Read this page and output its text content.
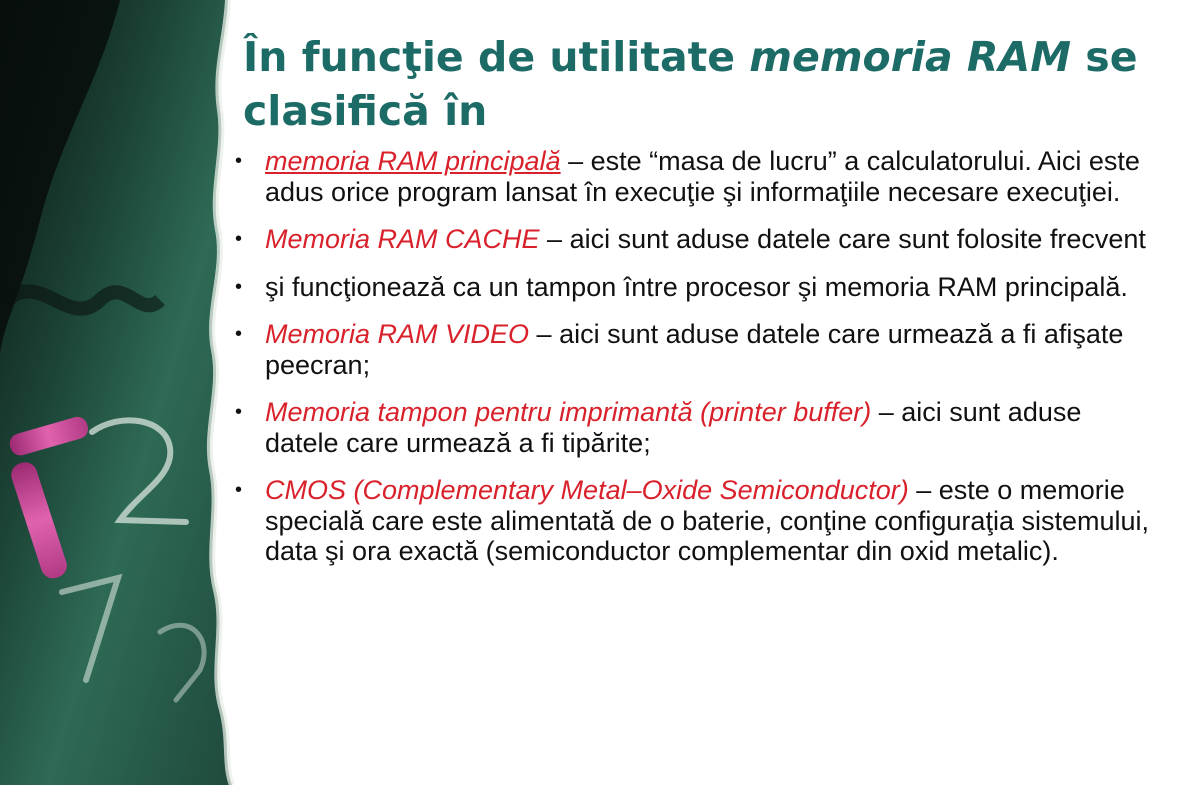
În funcţie de utilitate memoria RAM se clasifică în
• memoria RAM principală – este “masa de lucru” a calculatorului. Aici este adus orice program lansat în execuţie şi informaţiile necesare execuţiei.
• Memoria RAM CACHE – aici sunt aduse datele care sunt folosite frecvent
• şi funcţionează ca un tampon între procesor şi memoria RAM principală.
• Memoria RAM VIDEO – aici sunt aduse datele care urmează a fi afişate peecran;
• Memoria tampon pentru imprimantă (printer buffer) – aici sunt aduse datele care urmează a fi tipărite;
• CMOS (Complementary Metal–Oxide Semiconductor) – este o memorie specială care este alimentată de o baterie, conţine configuraţia sistemului, data şi ora exactă (semiconductor complementar din oxid metalic).
